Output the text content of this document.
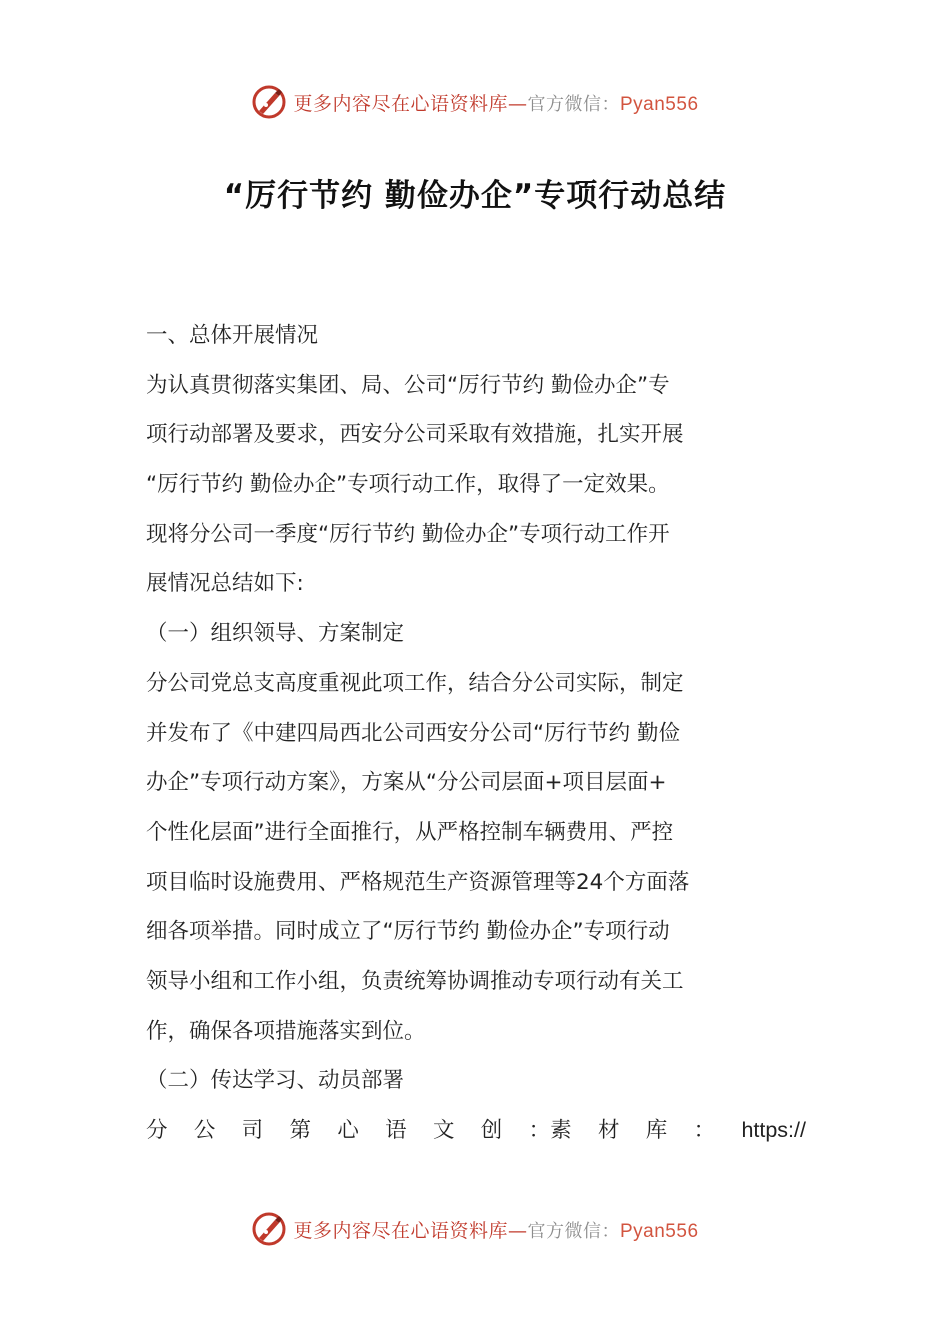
更多内容尽在心语资料库—官方微信：Pyan556
“厉行节约 勤俭办企”专项行动总结
一、总体开展情况
为认真贯彻落实集团、局、公司“厉行节约 勤俭办企”专
项行动部署及要求，西安分公司采取有效措施，扎实开展
“厉行节约 勤俭办企”专项行动工作，取得了一定效果。
现将分公司一季度“厉行节约 勤俭办企”专项行动工作开
展情况总结如下:
（一）组织领导、方案制定
分公司党总支高度重视此项工作，结合分公司实际，制定
并发布了《中建四局西北公司西安分公司“厉行节约 勤俭
办企”专项行动方案》，方案从“分公司层面+项目层面+
个性化层面”进行全面推行，从严格控制车辆费用、严控
项目临时设施费用、严格规范生产资源管理等24个方面落
细各项举措。同时成立了“厉行节约 勤俭办企”专项行动
领导小组和工作小组，负责统筹协调推动专项行动有关工
作，确保各项措施落实到位。
（二）传达学习、动员部署
分 公 司 第 心 语 文 创 ：素 材 库 ： https://
更多内容尽在心语资料库—官方微信：Pyan556
